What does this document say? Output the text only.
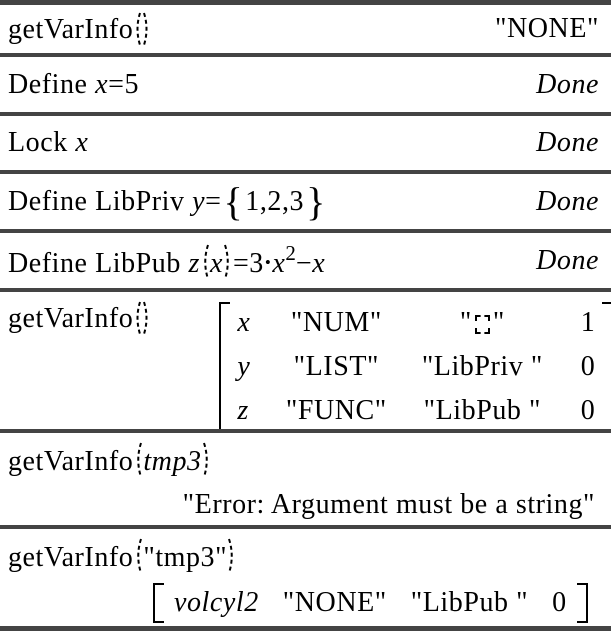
getVarInfo	"NONE"
Define x=5	Done
Lock x	Done
Define LibPriv y={1,2,3}	Done
Define LibPub z $x =3•x^2-x$	Done
getVarInfo	x "NUM"	" "	1
y "LIST" "LibPriv " 0
z "FUNC" "LibPub " 0
getVarInfo tmp3
"Error: Argument must be a string"
getVarInfo "tmp3"
volcyl2 "NONE" "LibPub " 0
